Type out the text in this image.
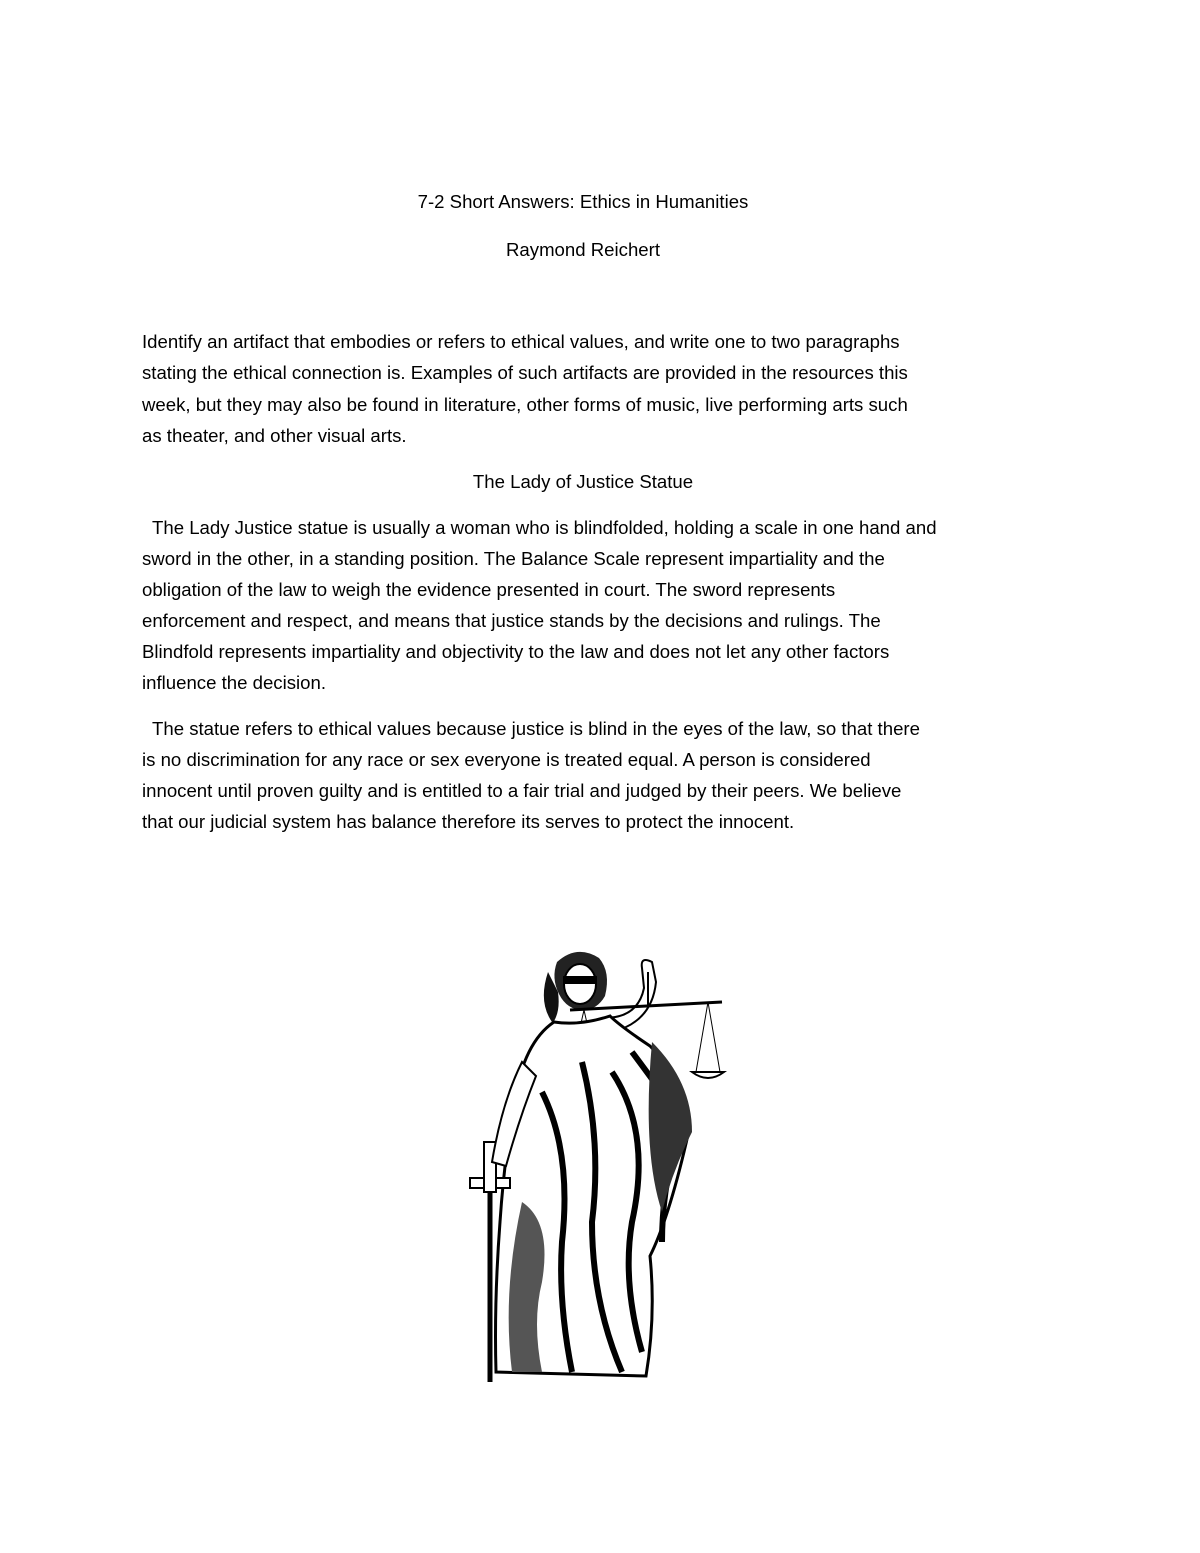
7-2 Short Answers: Ethics in Humanities
Raymond Reichert
Identify an artifact that embodies or refers to ethical values, and write one to two paragraphs
stating the ethical connection is. Examples of such artifacts are provided in the resources this
week, but they may also be found in literature, other forms of music, live performing arts such
as theater, and other visual arts.
The Lady of Justice Statue
The Lady Justice statue is usually a woman who is blindfolded, holding a scale in one hand and
sword in the other, in a standing position. The Balance Scale represent impartiality and the
obligation of the law to weigh the evidence presented in court. The sword represents
enforcement and respect, and means that justice stands by the decisions and rulings. The
Blindfold represents impartiality and objectivity to the law and does not let any other factors
influence the decision.
The statue refers to ethical values because justice is blind in the eyes of the law, so that there
is no discrimination for any race or sex everyone is treated equal. A person is considered
innocent until proven guilty and is entitled to a fair trial and judged by their peers. We believe
that our judicial system has balance therefore its serves to protect the innocent.
